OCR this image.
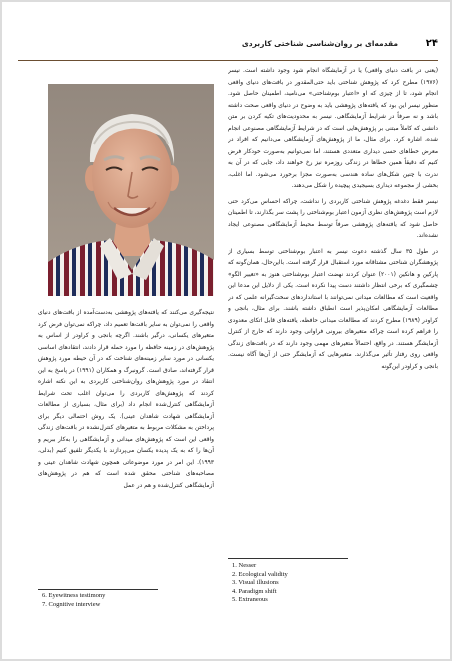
۲۴
مقدمه‌ای بر روان‌شناسی شناختی کاربردی

(یعنی در بافت دنیای واقعی) یا در آزمایشگاه انجام شود وجود داشته است. نیسر (۱۹۷۶) مطرح کرد که پژوهش شناختی باید حتی‌المقدور در بافت‌های دنیای واقعی انجام شود، تا از چیزی که او «اعتبار بوم‌شناختی» می‌نامید، اطمینان حاصل شود. منظور نیسر این بود که یافته‌های پژوهشی باید به وضوح در دنیای واقعی صحت داشته باشد و نه صرفاً در شرایط آزمایشگاهی. نیسر به محدودیت‌های تکیه کردن بر متن دانشی که کاملاً مبتنی بر پژوهش‌هایی است که در شرایط آزمایشگاهی مصنوعی انجام شده، اشاره کرد. برای مثال، ما از پژوهش‌های آزمایشگاهی می‌دانیم که افراد در معرض خطاهای حسی دیداری متعددی هستند، اما نمی‌توانیم به‌صورت خودکار فرض کنیم که دقیقاً همین خطاها در زندگی روزمره نیز رخ خواهند داد، جایی که در آن به ندرت با چنین شکل‌های ساده هندسی به‌صورت مجزا برخورد می‌شود. اما اغلب، بخشی از مجموعه دیداری بسیجیدی پیچیده را شکل می‌دهند.

نیسر فقط دغدغه پژوهش شناختی کاربردی را نداشت، چراکه احساس می‌کرد حتی لازم است پژوهش‌های نظری آزمون اعتبار بوم‌شناختی را پشت سر بگذارند، تا اطمینان حاصل شود که یافته‌های پژوهشی صرفاً توسط محیط آزمایشگاهی مصنوعی ایجاد نشده‌اند.

در طول ۳۵ سال گذشته دعوت نیسر به اعتبار بوم‌شناختی توسط بسیاری از پژوهشگران شناختی مشتاقانه مورد استقبال قرار گرفته است. بااین‌حال، همان‌گونه که پارکین و هانکین (۲۰۰۱) عنوان کردند نهضت اعتبار بوم‌شناختی هنوز به «تغییر الگو» چشمگیری که برخی انتظار داشتند دست پیدا نکرده است. یکی از دلایل این مدعا این واقعیت است که مطالعات میدانی نمی‌توانند با استانداردهای سخت‌گیرانه علمی که در مطالعات آزمایشگاهی امکان‌پذیر است انطباق داشته باشند. برای مثال، بانجی و کراودر (۱۹۸۹) مطرح کردند که مطالعات میدانی حافظه، یافته‌های قابل اتکای معدودی را فراهم کرده است چراکه متغیرهای بیرونی فراوانی وجود دارند که خارج از کنترل آزمایشگر هستند. در واقع، احتمالاً متغیرهای مهمی وجود دارند که در بافت‌های زندگی واقعی روی رفتار تأثیر می‌گذارند. متغیرهایی که آزمایشگر حتی از آن‌ها آگاه نیست. بانجی و کراودر این‌گونه

نتیجه‌گیری می‌کنند که یافته‌های پژوهشی به‌دست‌آمده از بافت‌های دنیای واقعی را نمی‌توان به سایر بافت‌ها تعمیم داد، چراکه نمی‌توان فرض کرد متغیرهای یکسانی، درگیر باشند. اگرچه بانجی و کراودر از اساس به پژوهش‌های در زمینه حافظه را مورد حمله قرار دادند، انتقادهای اساسی یکسانی در مورد سایر زمینه‌های شناخت که در آن حیطه مورد پژوهش قرار گرفته‌اند، صادق است. گرونبرگ و همکاران (۱۹۹۱) در پاسخ به این انتقاد در مورد پژوهش‌های روان‌شناختی کاربردی به این نکته اشاره کردند که پژوهش‌های کاربردی را می‌توان اغلب تحت شرایط آزمایشگاهی کنترل‌شده انجام داد (برای مثال، بسیاری از مطالعات آزمایشگاهی شهادت شاهدان عینی). یک روش احتمالی دیگر برای پرداختن به مشکلات مربوط به متغیرهای کنترل‌نشده در بافت‌های زندگی واقعی این است که پژوهش‌های میدانی و آزمایشگاهی را به‌کار ببریم و آن‌ها را که به یک پدیده یکسان می‌پردازند با یکدیگر تلفیق کنیم (بدلی، ۱۹۹۳). این امر در مورد موضوعاتی همچون شهادت شاهدان عینی و مصاحبه‌های شناختی محقق شده است که هم در پژوهش‌های آزمایشگاهی کنترل‌شده و هم در عمل

6. Eyewitness testimony
7. Cognitive interview
1. Nesser
2. Ecological validity
3. Visual illusions
4. Paradigm shift
5. Extraneous
